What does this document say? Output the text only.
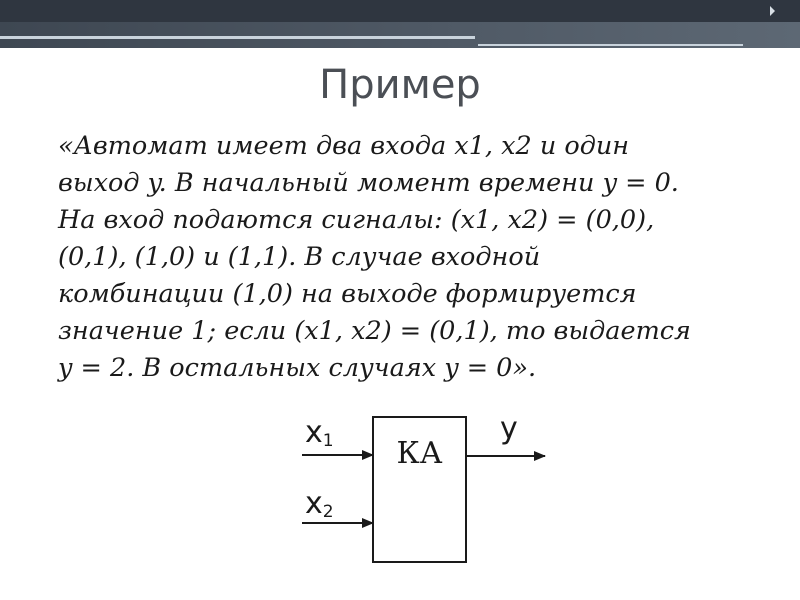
Пример

«Автомат имеет два входа x1, x2 и один
выход y. В начальный момент времени y = 0.
На вход подаются сигналы: (x1, x2) = (0,0),
(0,1), (1,0) и (1,1). В случае входной

комбинации (1,0) на выходе формируется
значение 1; если (x1, x2) = (0,1), то выдается
y = 2. В остальных случаях y = 0».

КА
x1
x2
y
